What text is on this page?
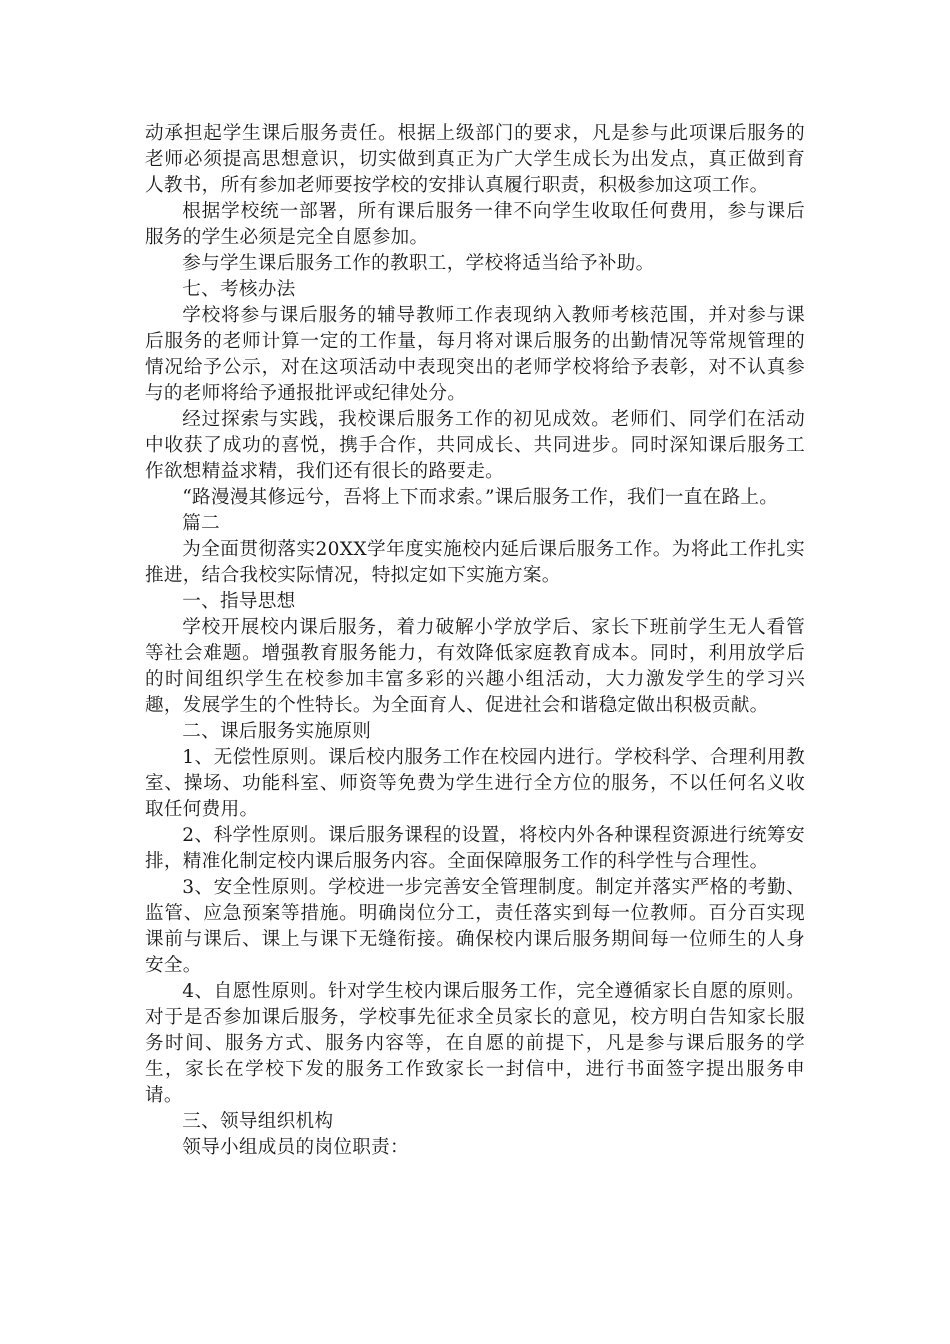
动承担起学生课后服务责任。根据上级部门的要求，凡是参与此项课后服务的老师必须提高思想意识，切实做到真正为广大学生成长为出发点，真正做到育人教书，所有参加老师要按学校的安排认真履行职责，积极参加这项工作。

根据学校统一部署，所有课后服务一律不向学生收取任何费用，参与课后服务的学生必须是完全自愿参加。

参与学生课后服务工作的教职工，学校将适当给予补助。

七、考核办法

学校将参与课后服务的辅导教师工作表现纳入教师考核范围，并对参与课后服务的老师计算一定的工作量，每月将对课后服务的出勤情况等常规管理的情况给予公示，对在这项活动中表现突出的老师学校将给予表彰，对不认真参与的老师将给予通报批评或纪律处分。

经过探索与实践，我校课后服务工作的初见成效。老师们、同学们在活动中收获了成功的喜悦，携手合作，共同成长、共同进步。同时深知课后服务工作欲想精益求精，我们还有很长的路要走。

“路漫漫其修远兮，吾将上下而求索。”课后服务工作，我们一直在路上。

篇二

为全面贯彻落实20XX学年度实施校内延后课后服务工作。为将此工作扎实推进，结合我校实际情况，特拟定如下实施方案。

一、指导思想

学校开展校内课后服务，着力破解小学放学后、家长下班前学生无人看管等社会难题。增强教育服务能力，有效降低家庭教育成本。同时，利用放学后的时间组织学生在校参加丰富多彩的兴趣小组活动，大力激发学生的学习兴趣，发展学生的个性特长。为全面育人、促进社会和谐稳定做出积极贡献。

二、课后服务实施原则

1、无偿性原则。课后校内服务工作在校园内进行。学校科学、合理利用教室、操场、功能科室、师资等免费为学生进行全方位的服务，不以任何名义收取任何费用。

2、科学性原则。课后服务课程的设置，将校内外各种课程资源进行统筹安排，精准化制定校内课后服务内容。全面保障服务工作的科学性与合理性。

3、安全性原则。学校进一步完善安全管理制度。制定并落实严格的考勤、监管、应急预案等措施。明确岗位分工，责任落实到每一位教师。百分百实现课前与课后、课上与课下无缝衔接。确保校内课后服务期间每一位师生的人身安全。

4、自愿性原则。针对学生校内课后服务工作，完全遵循家长自愿的原则。对于是否参加课后服务，学校事先征求全员家长的意见，校方明白告知家长服务时间、服务方式、服务内容等，在自愿的前提下，凡是参与课后服务的学生，家长在学校下发的服务工作致家长一封信中，进行书面签字提出服务申请。

三、领导组织机构

领导小组成员的岗位职责：
